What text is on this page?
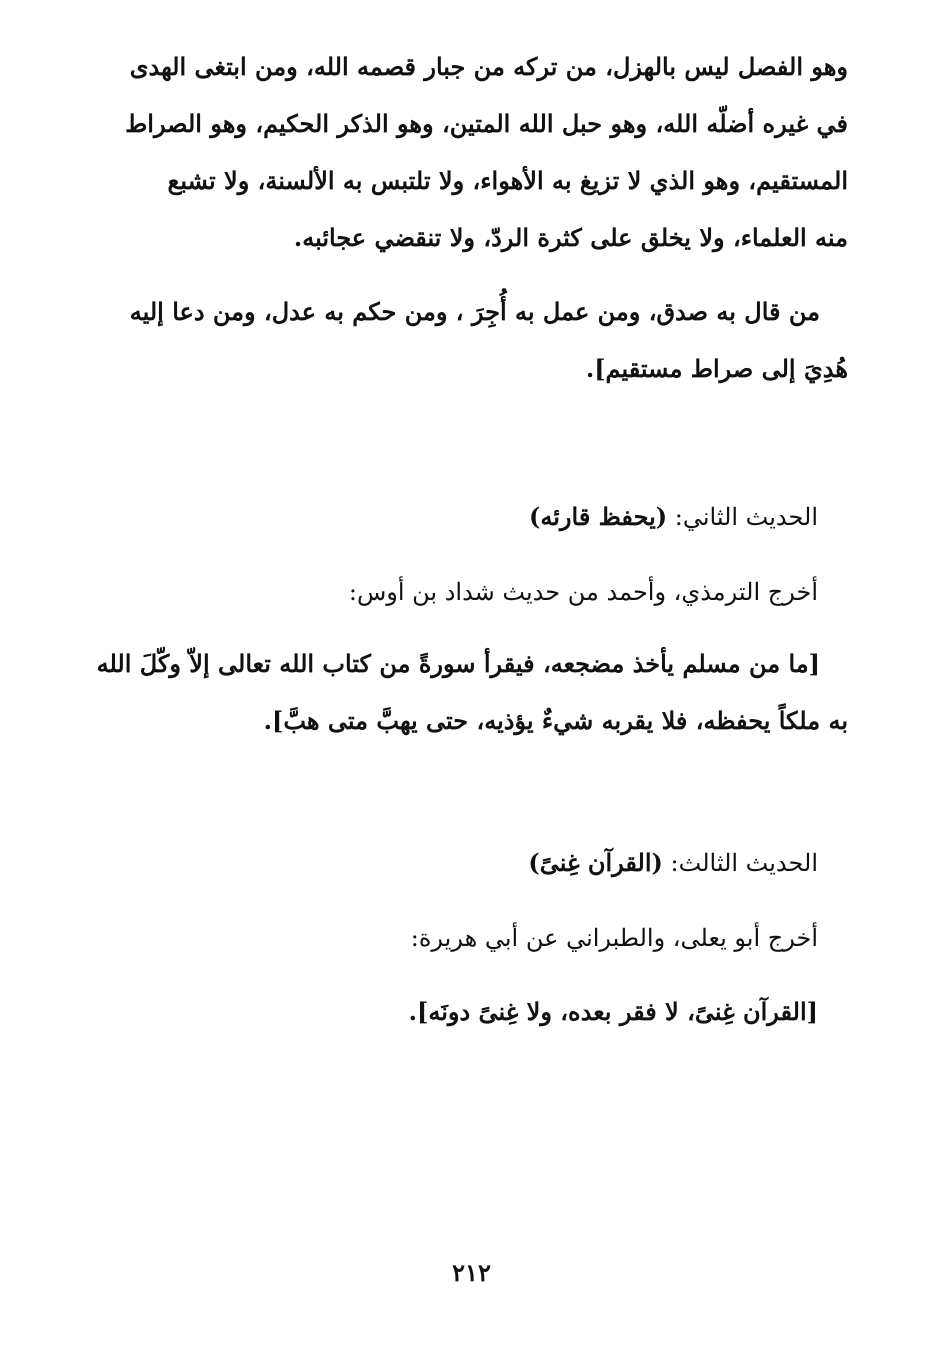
وهو الفصل ليس بالهزل، من تركه من جبار قصمه الله، ومن ابتغى الهدى
في غيره أضلّه الله، وهو حبل الله المتين، وهو الذكر الحكيم، وهو الصراط
المستقيم، وهو الذي لا تزيغ به الأهواء، ولا تلتبس به الألسنة، ولا تشبع
منه العلماء، ولا يخلق على كثرة الردّ، ولا تنقضي عجائبه.
من قال به صدق، ومن عمل به أُجِرَ ، ومن حكم به عدل، ومن دعا إليه
هُدِيَ إلى صراط مستقيم].
الحديث الثاني: (يحفظ قارئه)
أخرج الترمذي، وأحمد من حديث شداد بن أوس:
[ما من مسلم يأخذ مضجعه، فيقرأ سورةً من كتاب الله تعالى إلاّ وكّلَ الله
به ملكاً يحفظه، فلا يقربه شيءٌ يؤذيه، حتى يهبَّ متى هبَّ].
الحديث الثالث: (القرآن غِنىً)
أخرج أبو يعلى، والطبراني عن أبي هريرة:
[القرآن غِنىً، لا فقر بعده، ولا غِنىً دونَه].
٢١٢
